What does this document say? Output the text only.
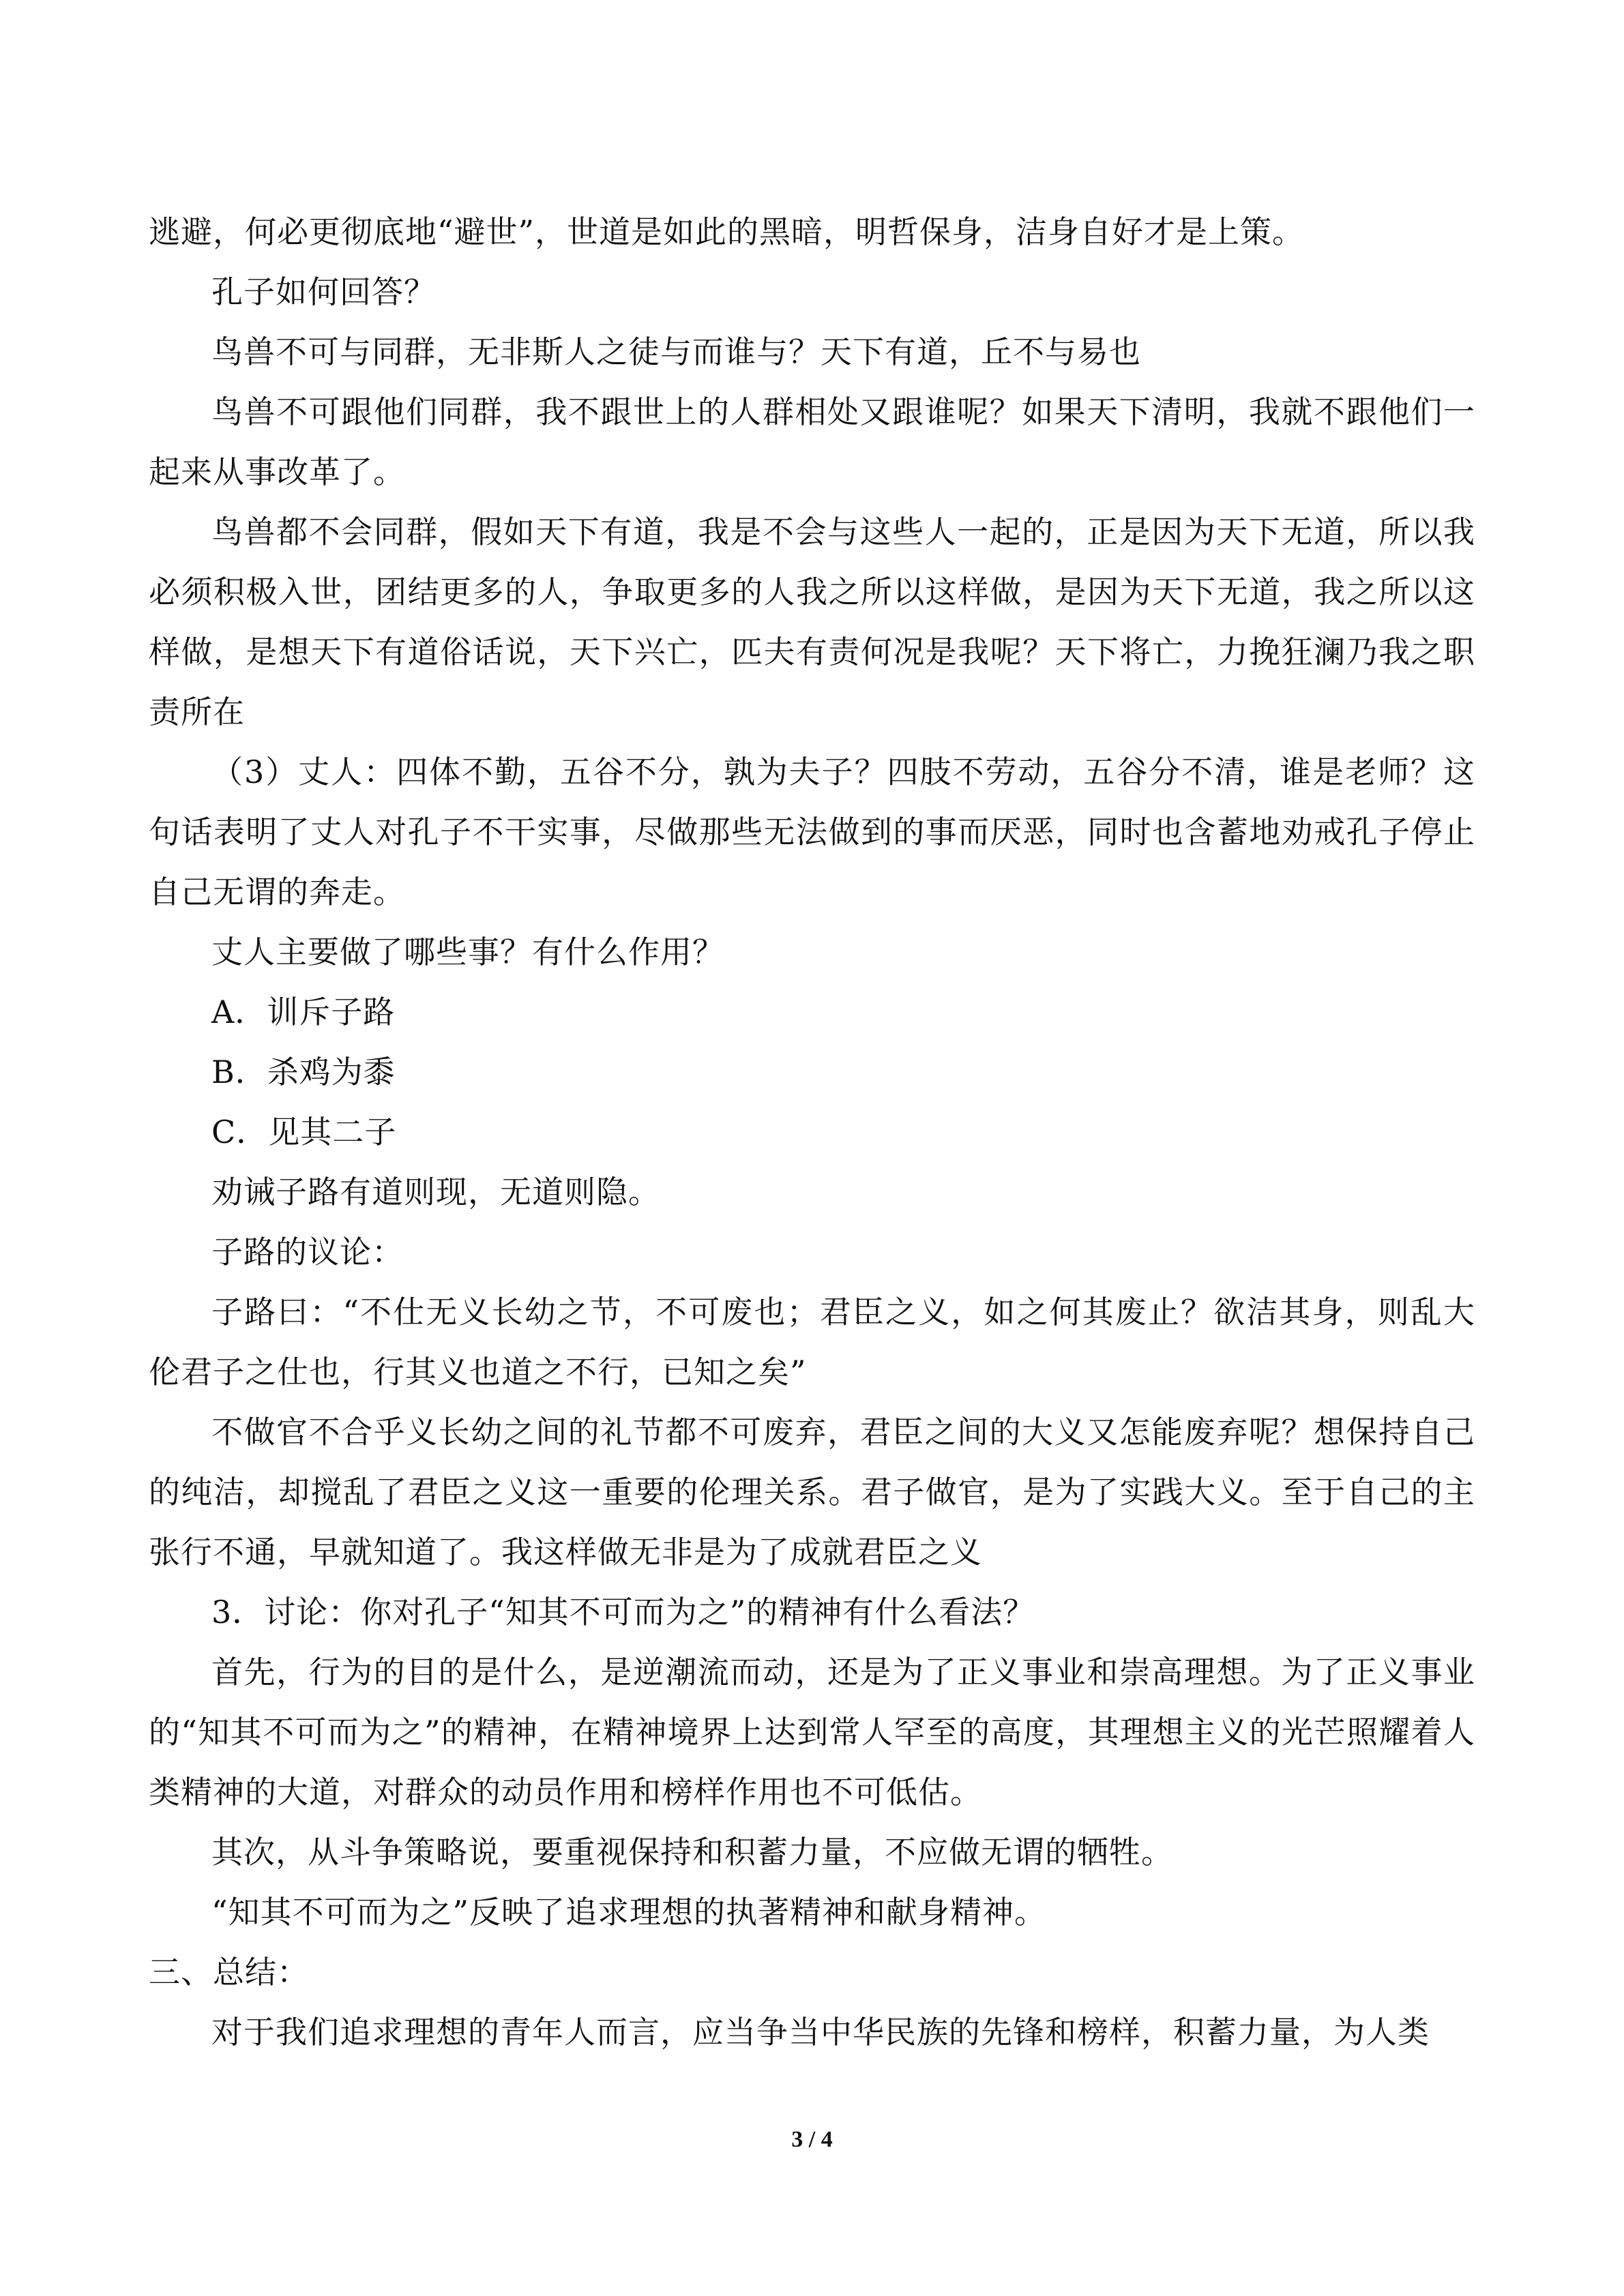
逃避，何必更彻底地“避世”，世道是如此的黑暗，明哲保身，洁身自好才是上策。

孔子如何回答？

鸟兽不可与同群，无非斯人之徒与而谁与？天下有道，丘不与易也

鸟兽不可跟他们同群，我不跟世上的人群相处又跟谁呢？如果天下清明，我就不跟他们一起来从事改革了。

鸟兽都不会同群，假如天下有道，我是不会与这些人一起的，正是因为天下无道，所以我必须积极入世，团结更多的人，争取更多的人我之所以这样做，是因为天下无道，我之所以这样做，是想天下有道俗话说，天下兴亡，匹夫有责何况是我呢？天下将亡，力挽狂澜乃我之职责所在

（3）丈人：四体不勤，五谷不分，孰为夫子？四肢不劳动，五谷分不清，谁是老师？这句话表明了丈人对孔子不干实事，尽做那些无法做到的事而厌恶，同时也含蓄地劝戒孔子停止自己无谓的奔走。

丈人主要做了哪些事？有什么作用？

A．训斥子路

B．杀鸡为黍

C．见其二子

劝诫子路有道则现，无道则隐。

子路的议论：

子路曰：“不仕无义长幼之节，不可废也；君臣之义，如之何其废止？欲洁其身，则乱大伦君子之仕也，行其义也道之不行，已知之矣”

不做官不合乎义长幼之间的礼节都不可废弃，君臣之间的大义又怎能废弃呢？想保持自己的纯洁，却搅乱了君臣之义这一重要的伦理关系。君子做官，是为了实践大义。至于自己的主张行不通，早就知道了。我这样做无非是为了成就君臣之义

3．讨论：你对孔子“知其不可而为之”的精神有什么看法？

首先，行为的目的是什么，是逆潮流而动，还是为了正义事业和崇高理想。为了正义事业的“知其不可而为之”的精神，在精神境界上达到常人罕至的高度，其理想主义的光芒照耀着人类精神的大道，对群众的动员作用和榜样作用也不可低估。

其次，从斗争策略说，要重视保持和积蓄力量，不应做无谓的牺牲。

“知其不可而为之”反映了追求理想的执著精神和献身精神。

三、总结：

对于我们追求理想的青年人而言，应当争当中华民族的先锋和榜样，积蓄力量，为人类

3 / 4
